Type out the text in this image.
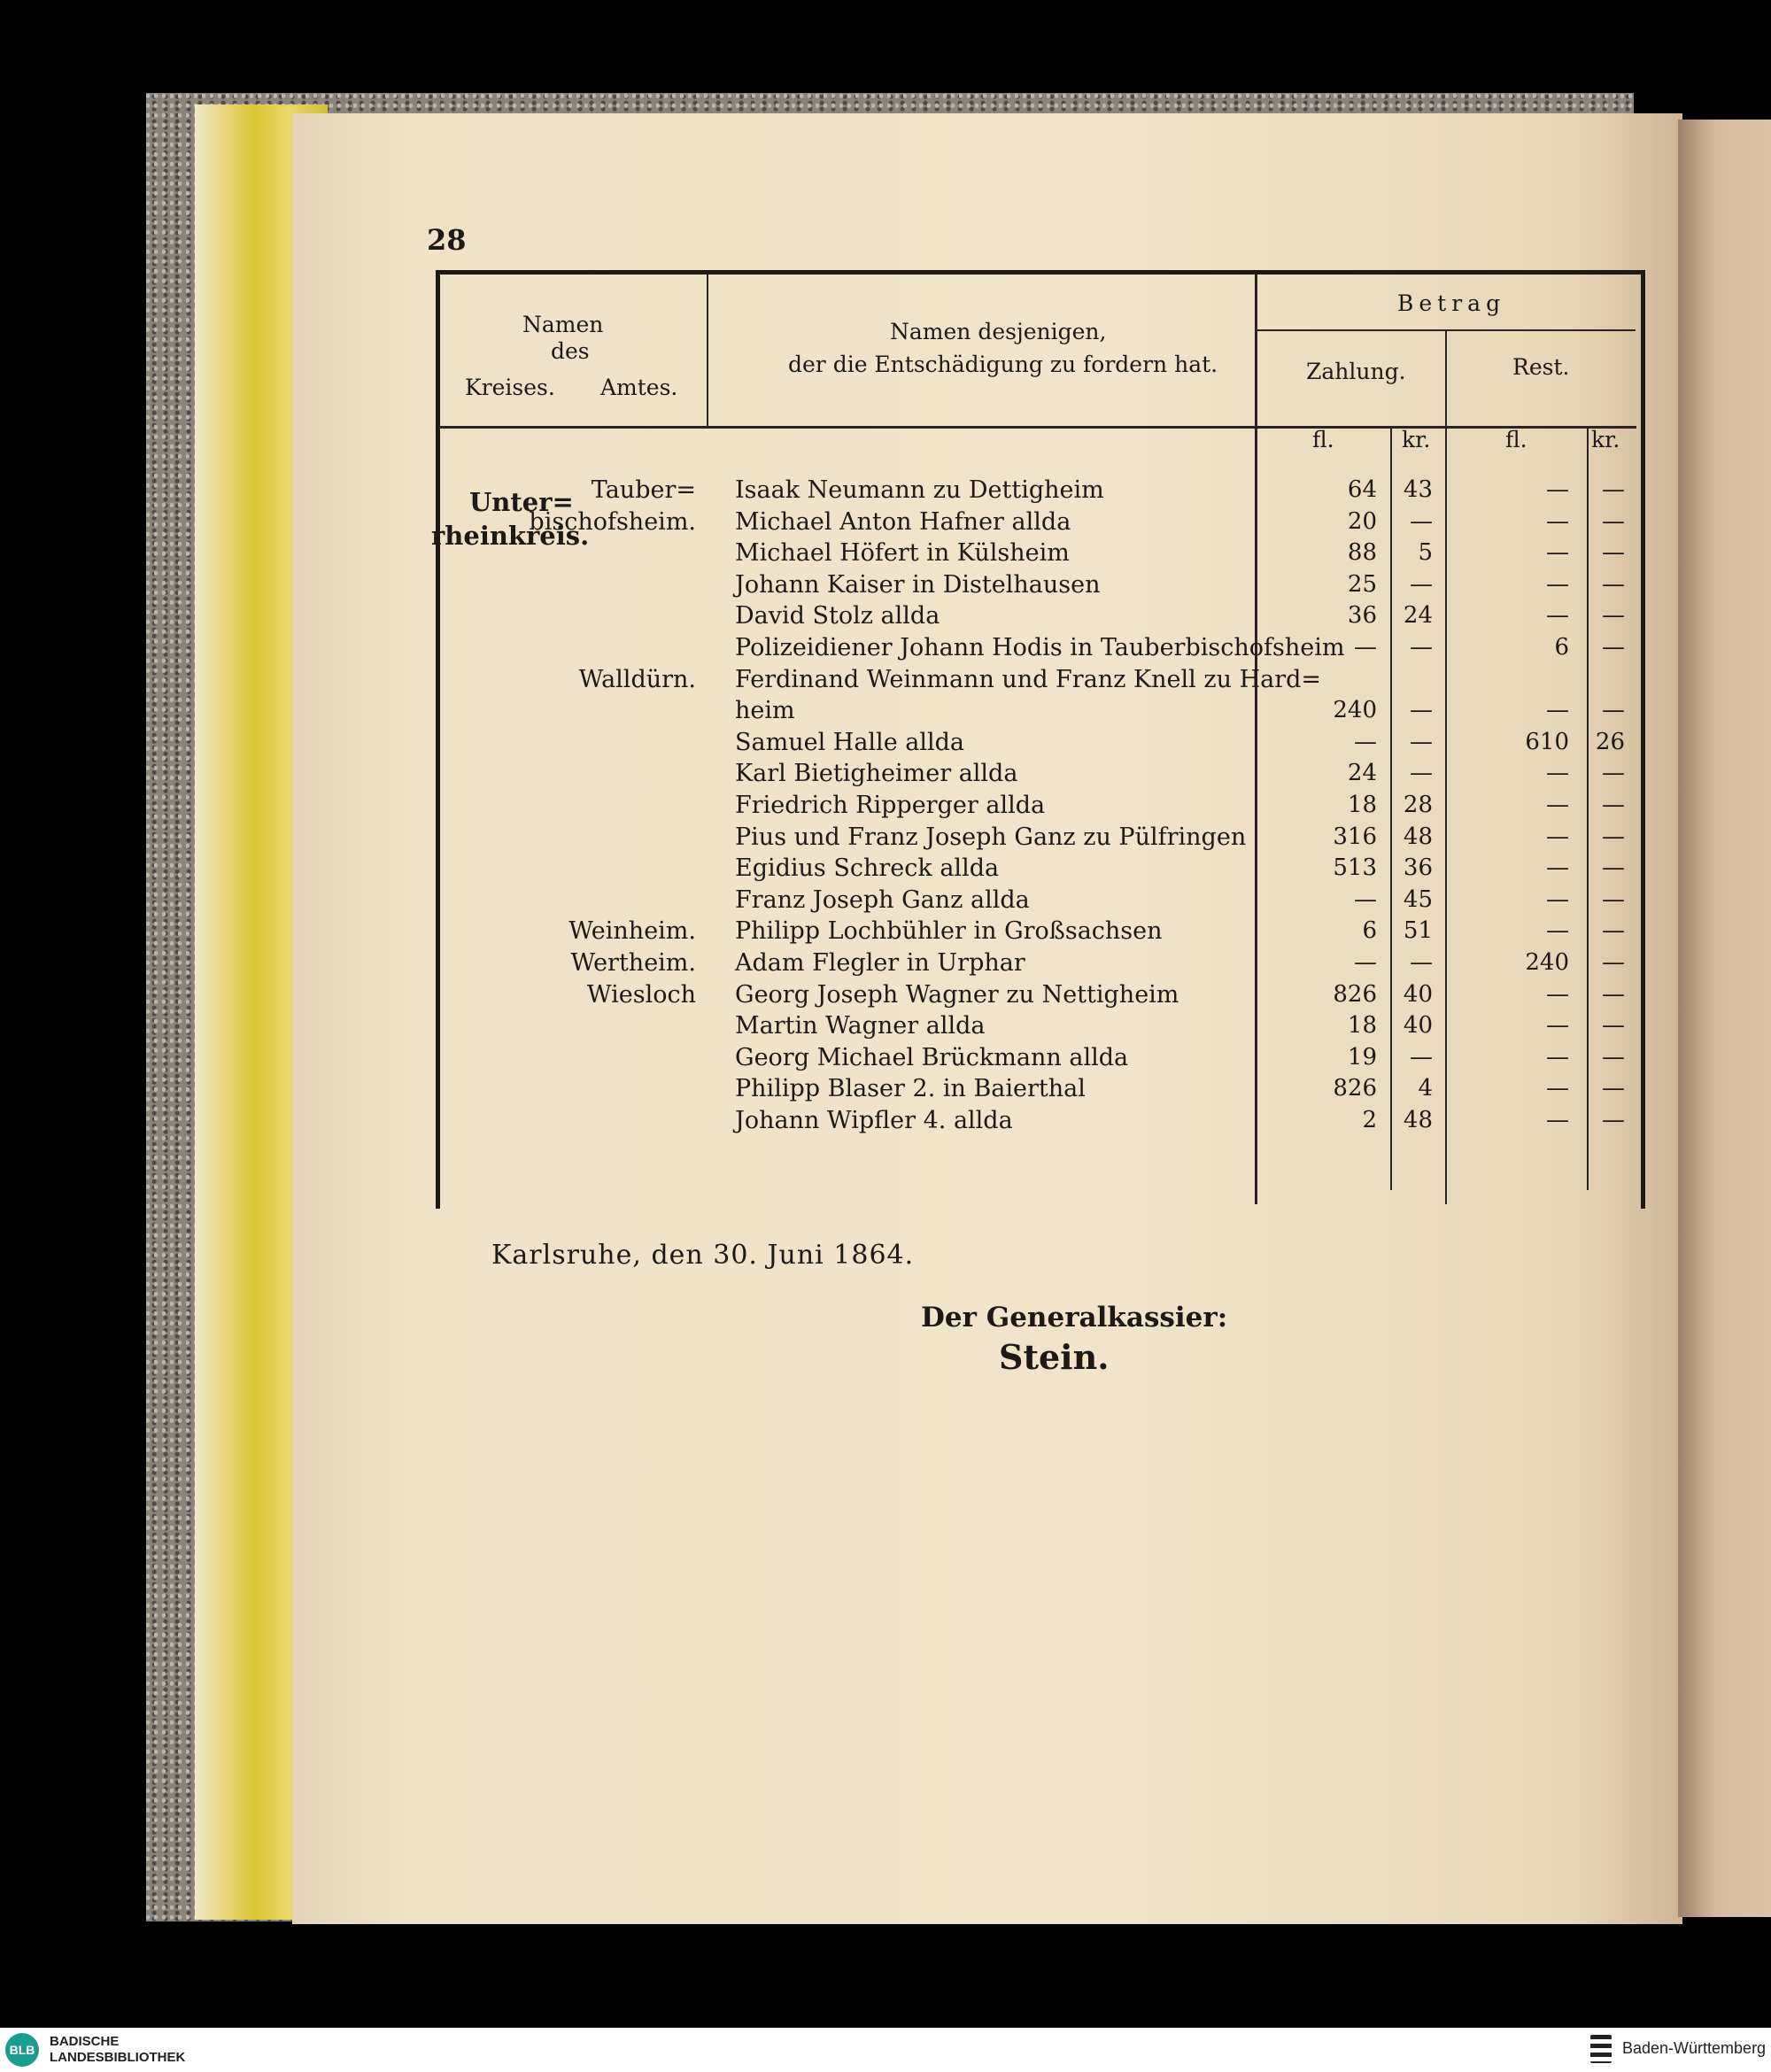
28
Namen
des
Kreises. Amtes.
Namen desjenigen,
der die Entschädigung zu fordern hat.
Betrag
Zahlung.	Rest.
fl.	kr.	fl.	kr.
Unter=
rheinkreis.
Tauber= Isaak Neumann zu Dettigheim	64 43	— —
bischofsheim. Michael Anton Hafner allda	20 —	— —
Michael Höfert in Külsheim	88 5	— —
Johann Kaiser in Distelhausen	25 —	— —
David Stolz allda	36 24	— —
Polizeidiener Johann Hodis in Tauberbischofsheim — —	6 —
Walldürn. Ferdinand Weinmann und Franz Knell zu Hard=
heim	240 —	— —
Samuel Halle allda	— —	610 26
Karl Bietigheimer allda	24 —	— —
Friedrich Ripperger allda	18 28	— —
Pius und Franz Joseph Ganz zu Pülfringen	316 48	— —
Egidius Schreck allda	513 36	— —
Franz Joseph Ganz allda	— 45	— —
Weinheim. Philipp Lochbühler in Großsachsen	6 51	— —
Wertheim. Adam Flegler in Urphar	— —	240 —
Wiesloch Georg Joseph Wagner zu Nettigheim	826 40	— —
Martin Wagner allda	18 40	— —
Georg Michael Brückmann allda	19 —	— —
Philipp Blaser 2. in Baierthal	826 4	— —
Johann Wipfler 4. allda	2 48	— —
Karlsruhe, den 30. Juni 1864.
Der Generalkassier:
Stein.
BLB
BADISCHE
LANDESBIBLIOTHEK
Baden-Württemberg
